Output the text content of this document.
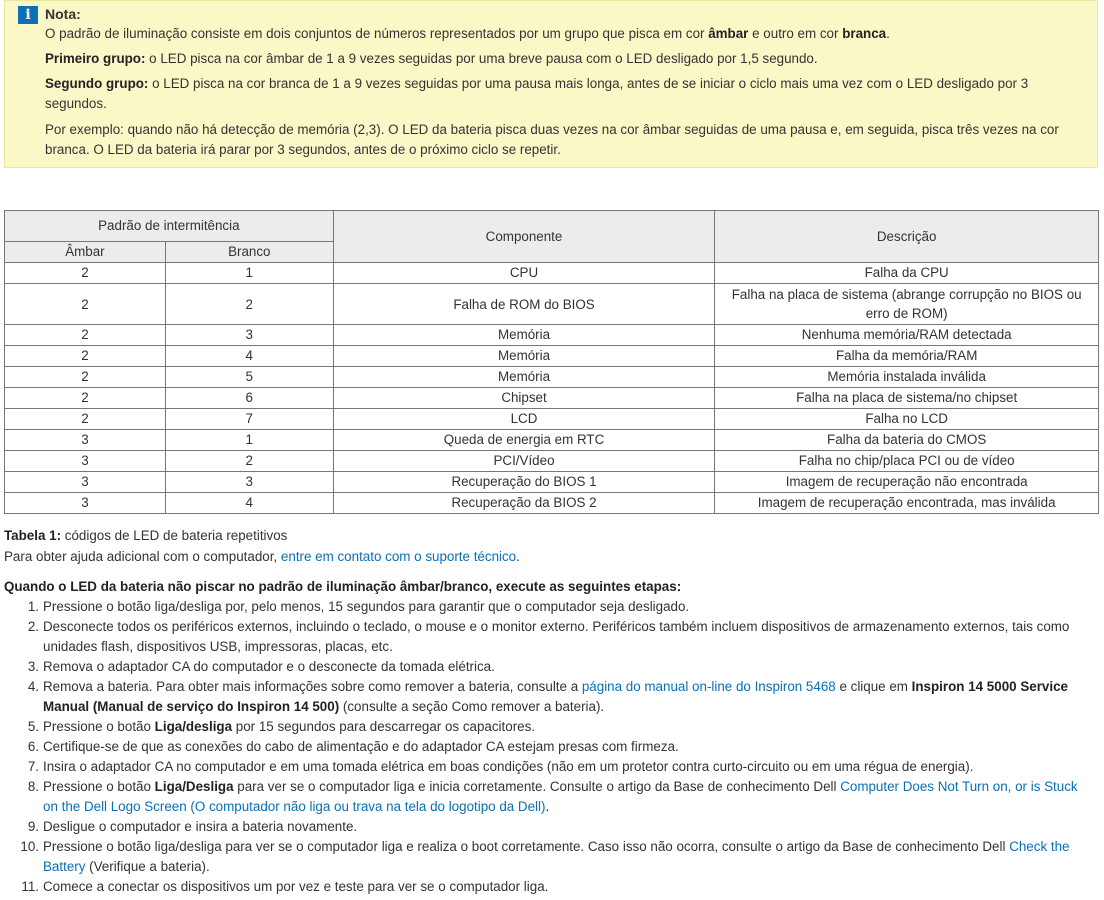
i	Nota:

O padrão de iluminação consiste em dois conjuntos de números representados por um grupo que pisca em cor âmbar e outro em cor branca.

Primeiro grupo: o LED pisca na cor âmbar de 1 a 9 vezes seguidas por uma breve pausa com o LED desligado por 1,5 segundo.

Segundo grupo: o LED pisca na cor branca de 1 a 9 vezes seguidas por uma pausa mais longa, antes de se iniciar o ciclo mais uma vez com o LED desligado por 3 segundos.

Por exemplo: quando não há detecção de memória (2,3). O LED da bateria pisca duas vezes na cor âmbar seguidas de uma pausa e, em seguida, pisca três vezes na cor branca. O LED da bateria irá parar por 3 segundos, antes de o próximo ciclo se repetir.

Padrão de intermitência		Componente	Descrição
Âmbar	Branco		
2	1	CPU	Falha da CPU
2	2	Falha de ROM do BIOS	Falha na placa de sistema (abrange corrupção no BIOS ou erro de ROM)
2	3	Memória	Nenhuma memória/RAM detectada
2	4	Memória	Falha da memória/RAM
2	5	Memória	Memória instalada inválida
2	6	Chipset	Falha na placa de sistema/no chipset
2	7	LCD	Falha no LCD
3	1	Queda de energia em RTC	Falha da bateria do CMOS
3	2	PCI/Vídeo	Falha no chip/placa PCI ou de vídeo
3	3	Recuperação do BIOS 1	Imagem de recuperação não encontrada
3	4	Recuperação da BIOS 2	Imagem de recuperação encontrada, mas inválida
Tabela 1: códigos de LED de bateria repetitivos
Para obter ajuda adicional com o computador, entre em contato com o suporte técnico.
Quando o LED da bateria não piscar no padrão de iluminação âmbar/branco, execute as seguintes etapas:
1. Pressione o botão liga/desliga por, pelo menos, 15 segundos para garantir que o computador seja desligado.
2. Desconecte todos os periféricos externos, incluindo o teclado, o mouse e o monitor externo. Periféricos também incluem dispositivos de armazenamento externos, tais como unidades flash, dispositivos USB, impressoras, placas, etc.
3. Remova o adaptador CA do computador e o desconecte da tomada elétrica.
4. Remova a bateria. Para obter mais informações sobre como remover a bateria, consulte a página do manual on-line do Inspiron 5468 e clique em Inspiron 14 5000 Service Manual (Manual de serviço do Inspiron 14 500) (consulte a seção Como remover a bateria).
5. Pressione o botão Liga/desliga por 15 segundos para descarregar os capacitores.
6. Certifique-se de que as conexões do cabo de alimentação e do adaptador CA estejam presas com firmeza.
7. Insira o adaptador CA no computador e em uma tomada elétrica em boas condições (não em um protetor contra curto-circuito ou em uma régua de energia).
8. Pressione o botão Liga/Desliga para ver se o computador liga e inicia corretamente. Consulte o artigo da Base de conhecimento Dell Computer Does Not Turn on, or is Stuck on the Dell Logo Screen (O computador não liga ou trava na tela do logotipo da Dell).
9. Desligue o computador e insira a bateria novamente.
10. Pressione o botão liga/desliga para ver se o computador liga e realiza o boot corretamente. Caso isso não ocorra, consulte o artigo da Base de conhecimento Dell Check the Battery (Verifique a bateria).
11. Comece a conectar os dispositivos um por vez e teste para ver se o computador liga.
